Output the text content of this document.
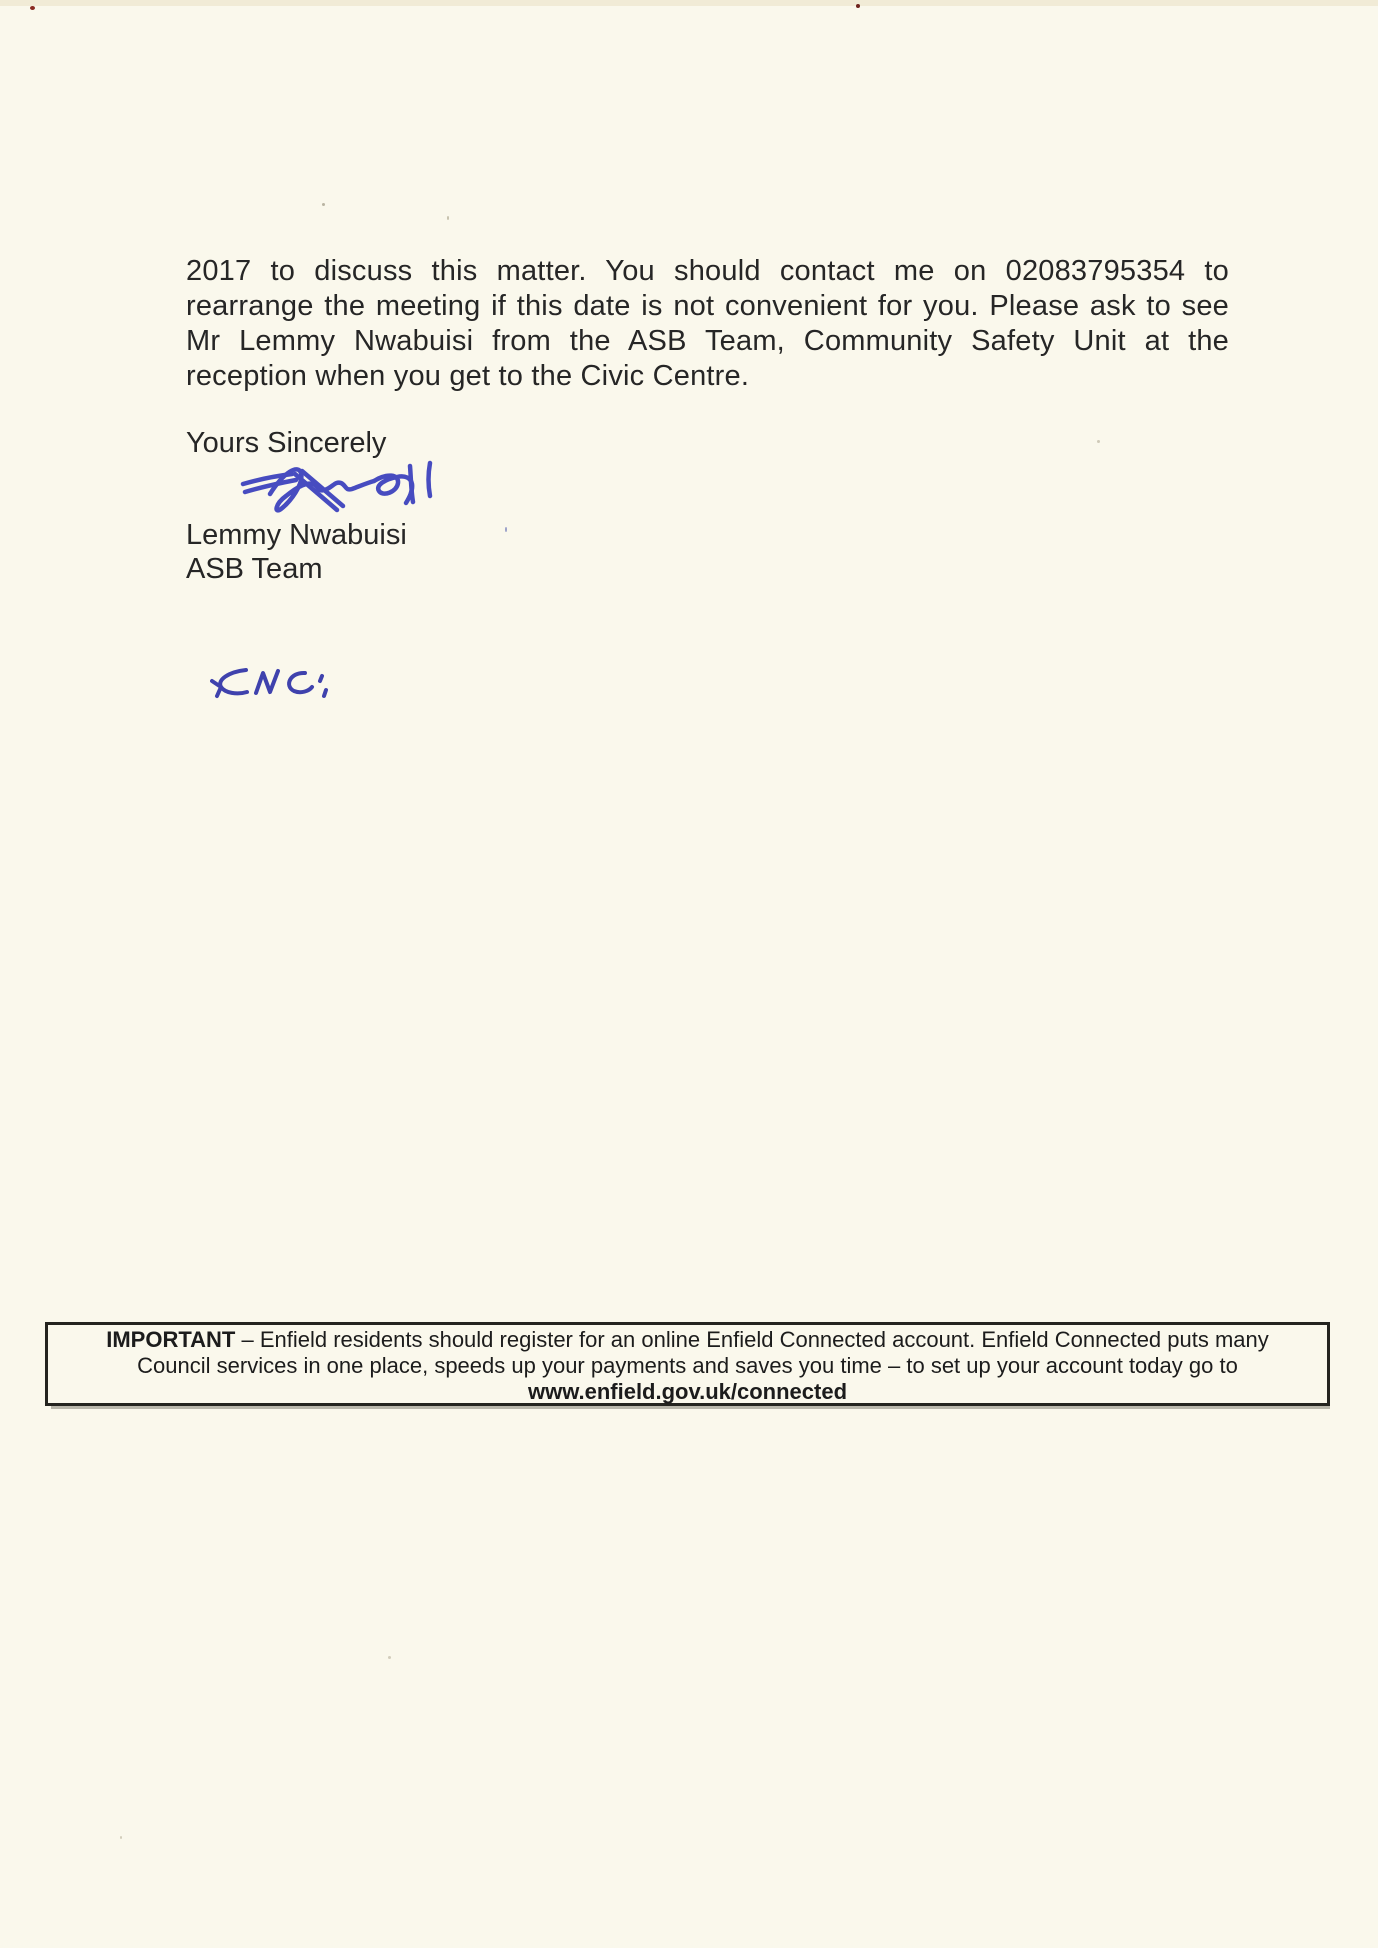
2017 to discuss this matter. You should contact me on 02083795354 to
rearrange the meeting if this date is not convenient for you. Please ask to see
Mr Lemmy Nwabuisi from the ASB Team, Community Safety Unit at the
reception when you get to the Civic Centre.
Yours Sincerely
Lemmy Nwabuisi
ASB Team
IMPORTANT – Enfield residents should register for an online Enfield Connected account. Enfield Connected puts many
Council services in one place, speeds up your payments and saves you time – to set up your account today go to
www.enfield.gov.uk/connected
